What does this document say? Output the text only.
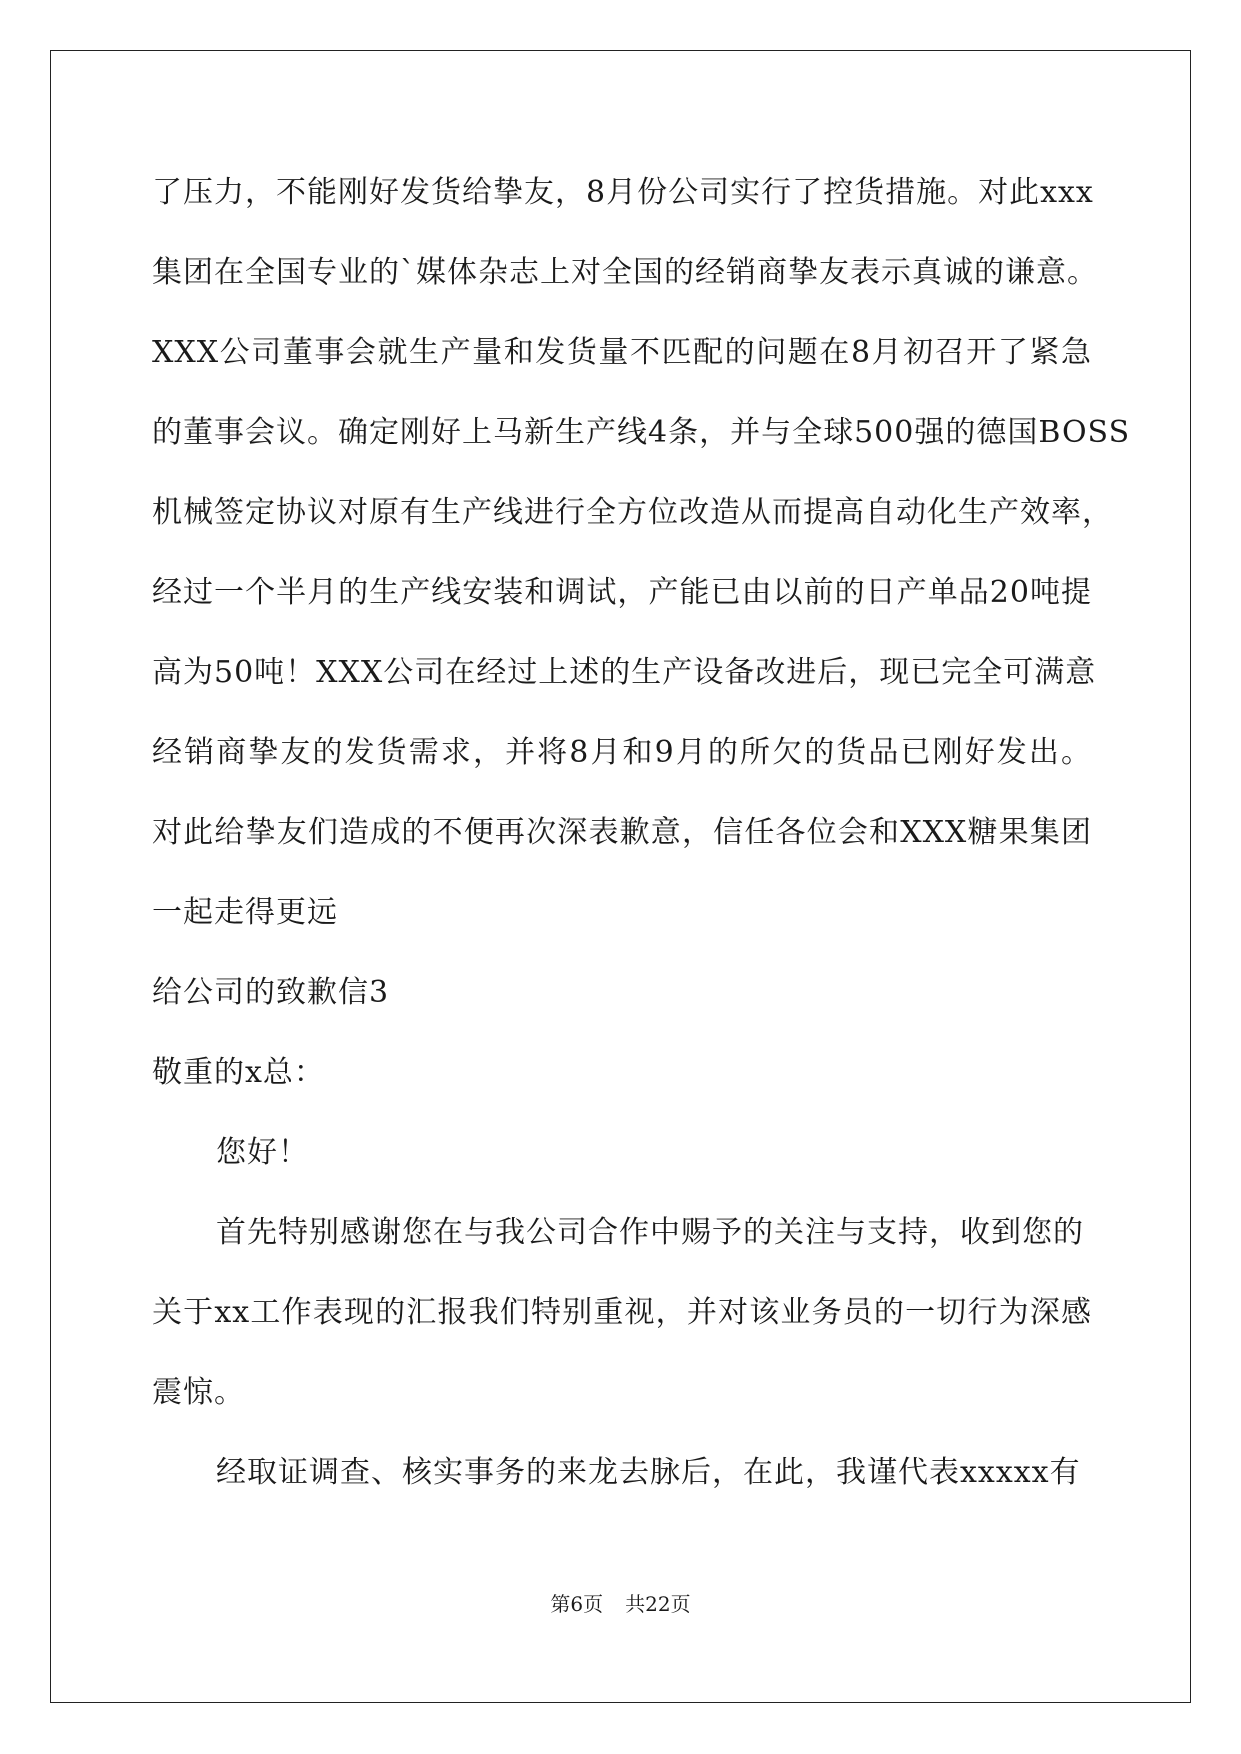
了压力，不能刚好发货给挚友，8月份公司实行了控货措施。对此xxx
集团在全国专业的`媒体杂志上对全国的经销商挚友表示真诚的谦意。
XXX公司董事会就生产量和发货量不匹配的问题在8月初召开了紧急
的董事会议。确定刚好上马新生产线4条，并与全球500强的德国BOSS
机械签定协议对原有生产线进行全方位改造从而提高自动化生产效率，
经过一个半月的生产线安装和调试，产能已由以前的日产单品20吨提
高为50吨！XXX公司在经过上述的生产设备改进后，现已完全可满意
经销商挚友的发货需求，并将8月和9月的所欠的货品已刚好发出。
对此给挚友们造成的不便再次深表歉意，信任各位会和XXX糖果集团
一起走得更远
给公司的致歉信3
敬重的x总：
您好！
首先特别感谢您在与我公司合作中赐予的关注与支持，收到您的
关于xx工作表现的汇报我们特别重视，并对该业务员的一切行为深感
震惊。
经取证调查、核实事务的来龙去脉后，在此，我谨代表xxxxx有
第6页 共22页
